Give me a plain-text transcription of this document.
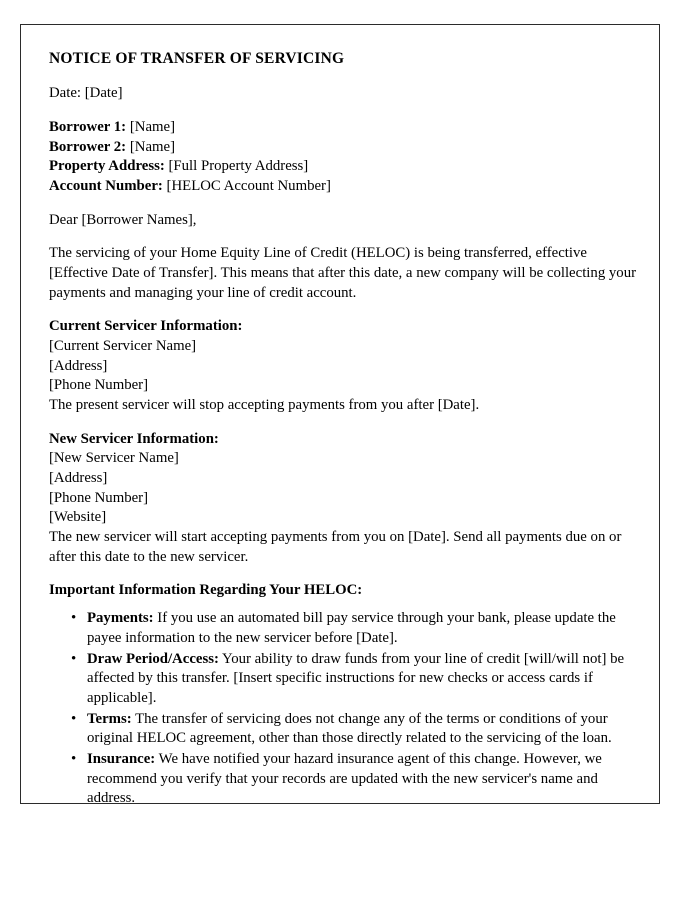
NOTICE OF TRANSFER OF SERVICING

Date: [Date]

Borrower 1: [Name]
Borrower 2: [Name]
Property Address: [Full Property Address]
Account Number: [HELOC Account Number]

Dear [Borrower Names],

The servicing of your Home Equity Line of Credit (HELOC) is being transferred, effective [Effective Date of Transfer]. This means that after this date, a new company will be collecting your payments and managing your line of credit account.

Current Servicer Information:
[Current Servicer Name]
[Address]
[Phone Number]
The present servicer will stop accepting payments from you after [Date].
New Servicer Information:
[New Servicer Name]
[Address]
[Phone Number]
[Website]
The new servicer will start accepting payments from you on [Date]. Send all payments due on or after this date to the new servicer.
Important Information Regarding Your HELOC:
• Payments: If you use an automated bill pay service through your bank, please update the payee information to the new servicer before [Date].
• Draw Period/Access: Your ability to draw funds from your line of credit [will/will not] be affected by this transfer. [Insert specific instructions for new checks or access cards if applicable].
• Terms: The transfer of servicing does not change any of the terms or conditions of your original HELOC agreement, other than those directly related to the servicing of the loan.
• Insurance: We have notified your hazard insurance agent of this change. However, we recommend you verify that your records are updated with the new servicer's name and address.
